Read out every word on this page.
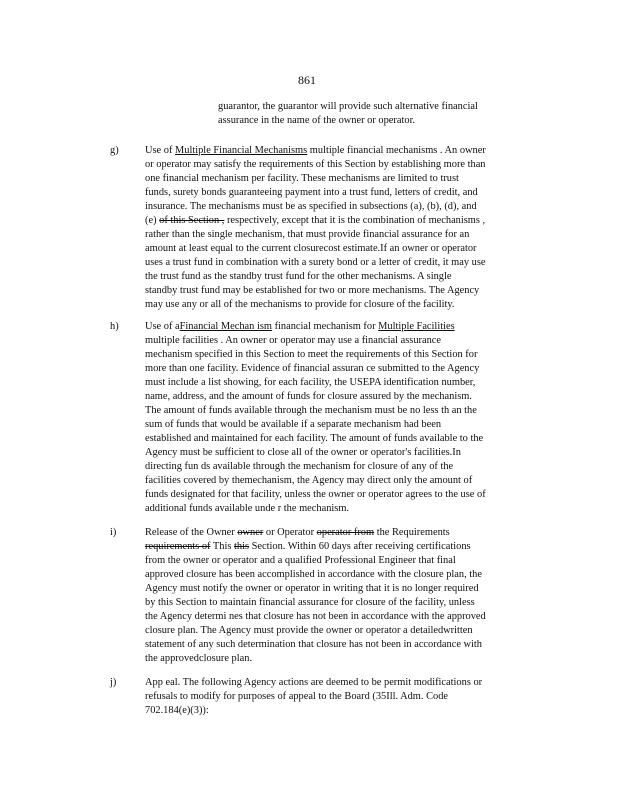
861
guarantor, the guarantor will provide such alternative financial
assurance in the name of the owner or operator.
g)	Use of Multiple Financial Mechanisms multiple financial mechanisms . An owner
or operator may satisfy the requirements of this Section by establishing more than
one financial mechanism per facility. These mechanisms are limited to trust
funds, surety bonds guaranteeing payment into a trust fund, letters of credit, and
insurance. The mechanisms must be as specified in subsections (a), (b), (d), and
(e) of this Section , respectively, except that it is the combination of mechanisms ,
rather than the single mechanism, that must provide financial assurance for an
amount at least equal to the current closurecost estimate.If an owner or operator
uses a trust fund in combination with a surety bond or a letter of credit, it may use
the trust fund as the standby trust fund for the other mechanisms. A single
standby trust fund may be established for two or more mechanisms. The Agency
may use any or all of the mechanisms to provide for closure of the facility.
h)	Use of aFinancial Mechan ism financial mechanism for Multiple Facilities
multiple facilities . An owner or operator may use a financial assurance
mechanism specified in this Section to meet the requirements of this Section for
more than one facility. Evidence of financial assuran ce submitted to the Agency
must include a list showing, for each facility, the USEPA identification number,
name, address, and the amount of funds for closure assured by the mechanism.
The amount of funds available through the mechanism must be no less th an the
sum of funds that would be available if a separate mechanism had been
established and maintained for each facility. The amount of funds available to the
Agency must be sufficient to close all of the owner or operator's facilities.In
directing fun ds available through the mechanism for closure of any of the
facilities covered by themechanism, the Agency may direct only the amount of
funds designated for that facility, unless the owner or operator agrees to the use of
additional funds available unde r the mechanism.
i)	Release of the Owner owner or Operator operator from the Requirements
requirements of This this Section. Within 60 days after receiving certifications
from the owner or operator and a qualified Professional Engineer that final
approved closure has been accomplished in accordance with the closure plan, the
Agency must notify the owner or operator in writing that it is no longer required
by this Section to maintain financial assurance for closure of the facility, unless
the Agency determi nes that closure has not been in accordance with the approved
closure plan. The Agency must provide the owner or operator a detailedwritten
statement of any such determination that closure has not been in accordance with
the approvedclosure plan.
j)	App eal. The following Agency actions are deemed to be permit modifications or
refusals to modify for purposes of appeal to the Board (35Ill. Adm. Code
702.184(e)(3)):
